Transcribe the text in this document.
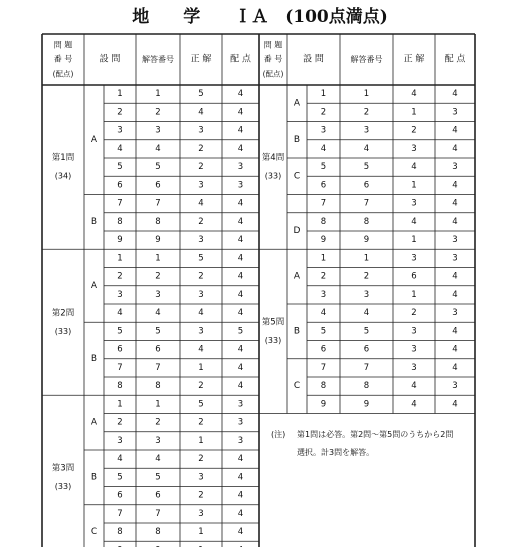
地　　学　　ＩＡ　(100点満点)
問 題
番 号
(配点)
設 問	解答番号 正 解 配 点
問 題
番 号
(配点)
設 問	解答番号 正 解 配 点
第1問
(34)
A
1	1	5	4
2	2	4	4
3	3	3	4
4	4	2	4
5	5	2	3
6	6	3	3
B
7	7	4	4
8	8	2	4
9	9	3	4
第2問
(33)
A
1	1	5	4
2	2	2	4
3	3	3	4
4	4	4	4
B
5	5	3	5
6	6	4	4
7	7	1	4
8	8	2	4
第3問
(33)
A
1	1	5	3
2	2	2	3
3	3	1	3
B
4	4	2	4
5	5	3	4
6	6	2	4
C
7	7	3	4
8	8	1	4
第4問
(33)
A
1	1	4	4
2	2	1	3
B
3	3	2	4
4	4	3	4
C
5	5	4	3
6	6	1	4
7	7	3	4
D
8	8	4	4
9	9	1	3
第5問
(33)
A
1	1	3	3
2	2	6	4
3	3	1	4
B
4	4	2	3
5	5	3	4
6	6	3	4
C
7	7	3	4
8	8	4	3
9	9	4	4
(注) 第1問は必答。第2問～第5問のうちから2問
選択。計3問を解答。
